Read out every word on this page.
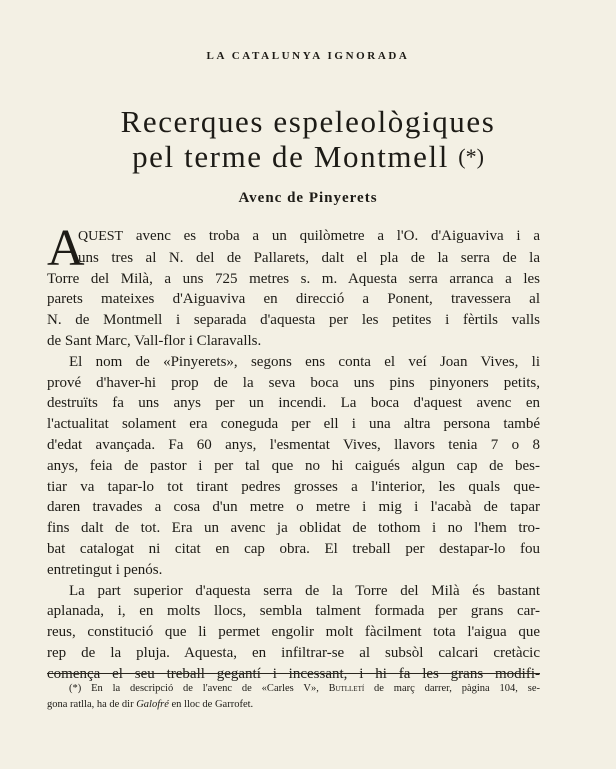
LA CATALUNYA IGNORADA
Recerques espeleològiques
pel terme de Montmell (*)
Avenc de Pinyerets
A
QUEST avenc es troba a un quilòmetre a l'O. d'Aiguaviva i a
uns tres al N. del de Pallarets, dalt el pla de la serra de la
Torre del Milà, a uns 725 metres s. m. Aquesta serra arranca a les
parets mateixes d'Aiguaviva en direcció a Ponent, travessera al
N. de Montmell i separada d'aquesta per les petites i fèrtils valls
de Sant Marc, Vall-flor i Claravalls.
El nom de «Pinyerets», segons ens conta el veí Joan Vives, li
prové d'haver-hi prop de la seva boca uns pins pinyoners petits,
destruïts fa uns anys per un incendi. La boca d'aquest avenc en
l'actualitat solament era coneguda per ell i una altra persona també
d'edat avançada. Fa 60 anys, l'esmentat Vives, llavors tenia 7 o 8
anys, feia de pastor i per tal que no hi caigués algun cap de bes-
tiar va tapar-lo tot tirant pedres grosses a l'interior, les quals que-
daren travades a cosa d'un metre o metre i mig i l'acabà de tapar
fins dalt de tot. Era un avenc ja oblidat de tothom i no l'hem tro-
bat catalogat ni citat en cap obra. El treball per destapar-lo fou
entretingut i penós.
La part superior d'aquesta serra de la Torre del Milà és bastant
aplanada, i, en molts llocs, sembla talment formada per grans car-
reus, constitució que li permet engolir molt fàcilment tota l'aigua que
rep de la pluja. Aquesta, en infiltrar-se al subsòl calcari cretàcic
comença el seu treball gegantí i incessant, i hi fa les grans modifi-
(*) En la descripció de l'avenc de «Carles V», Butlletí de març darrer, pàgina 104, se-
gona ratlla, ha de dir Galofré en lloc de Garrofet.
